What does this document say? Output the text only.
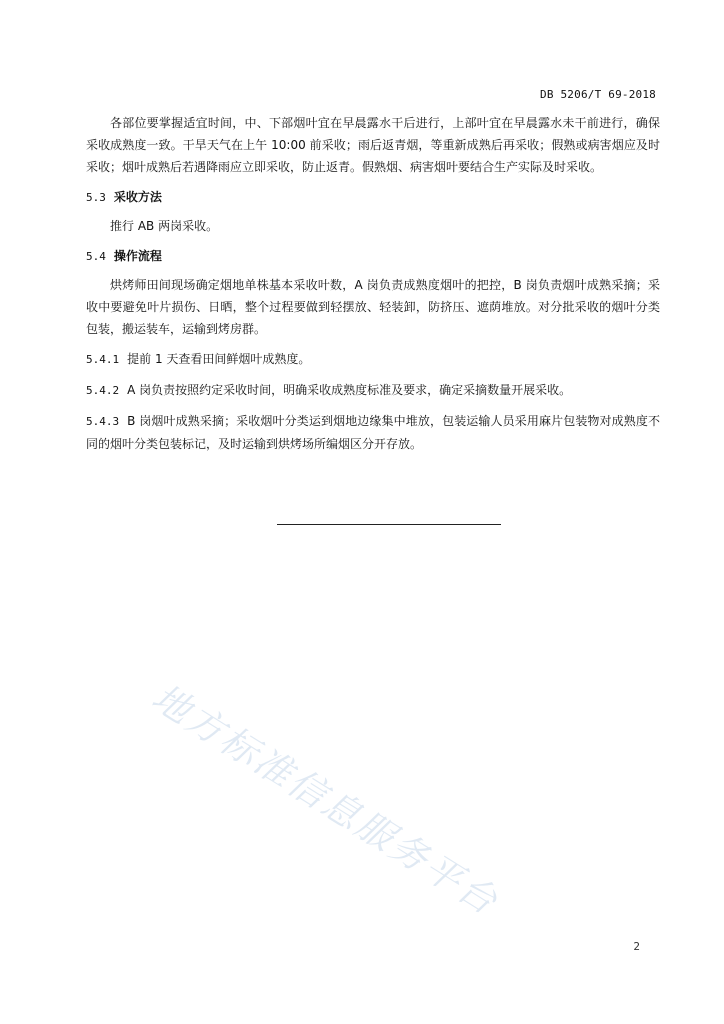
DB 5206/T 69-2018

各部位要掌握适宜时间，中、下部烟叶宜在早晨露水干后进行，上部叶宜在早晨露水未干前进行，确保采收成熟度一致。干旱天气在上午 10:00 前采收；雨后返青烟，等重新成熟后再采收；假熟或病害烟应及时采收；烟叶成熟后若遇降雨应立即采收，防止返青。假熟烟、病害烟叶要结合生产实际及时采收。

5.3 采收方法

推行 AB 两岗采收。

5.4 操作流程

烘烤师田间现场确定烟地单株基本采收叶数，A 岗负责成熟度烟叶的把控，B 岗负责烟叶成熟采摘；采收中要避免叶片损伤、日晒，整个过程要做到轻摆放、轻装卸，防挤压、遮荫堆放。对分批采收的烟叶分类包装，搬运装车，运输到烤房群。

5.4.1 提前 1 天查看田间鲜烟叶成熟度。

5.4.2 A 岗负责按照约定采收时间，明确采收成熟度标准及要求，确定采摘数量开展采收。

5.4.3 B 岗烟叶成熟采摘；采收烟叶分类运到烟地边缘集中堆放，包装运输人员采用麻片包装物对成熟度不同的烟叶分类包装标记，及时运输到烘烤场所编烟区分开存放。

地方标准信息服务平台
2
